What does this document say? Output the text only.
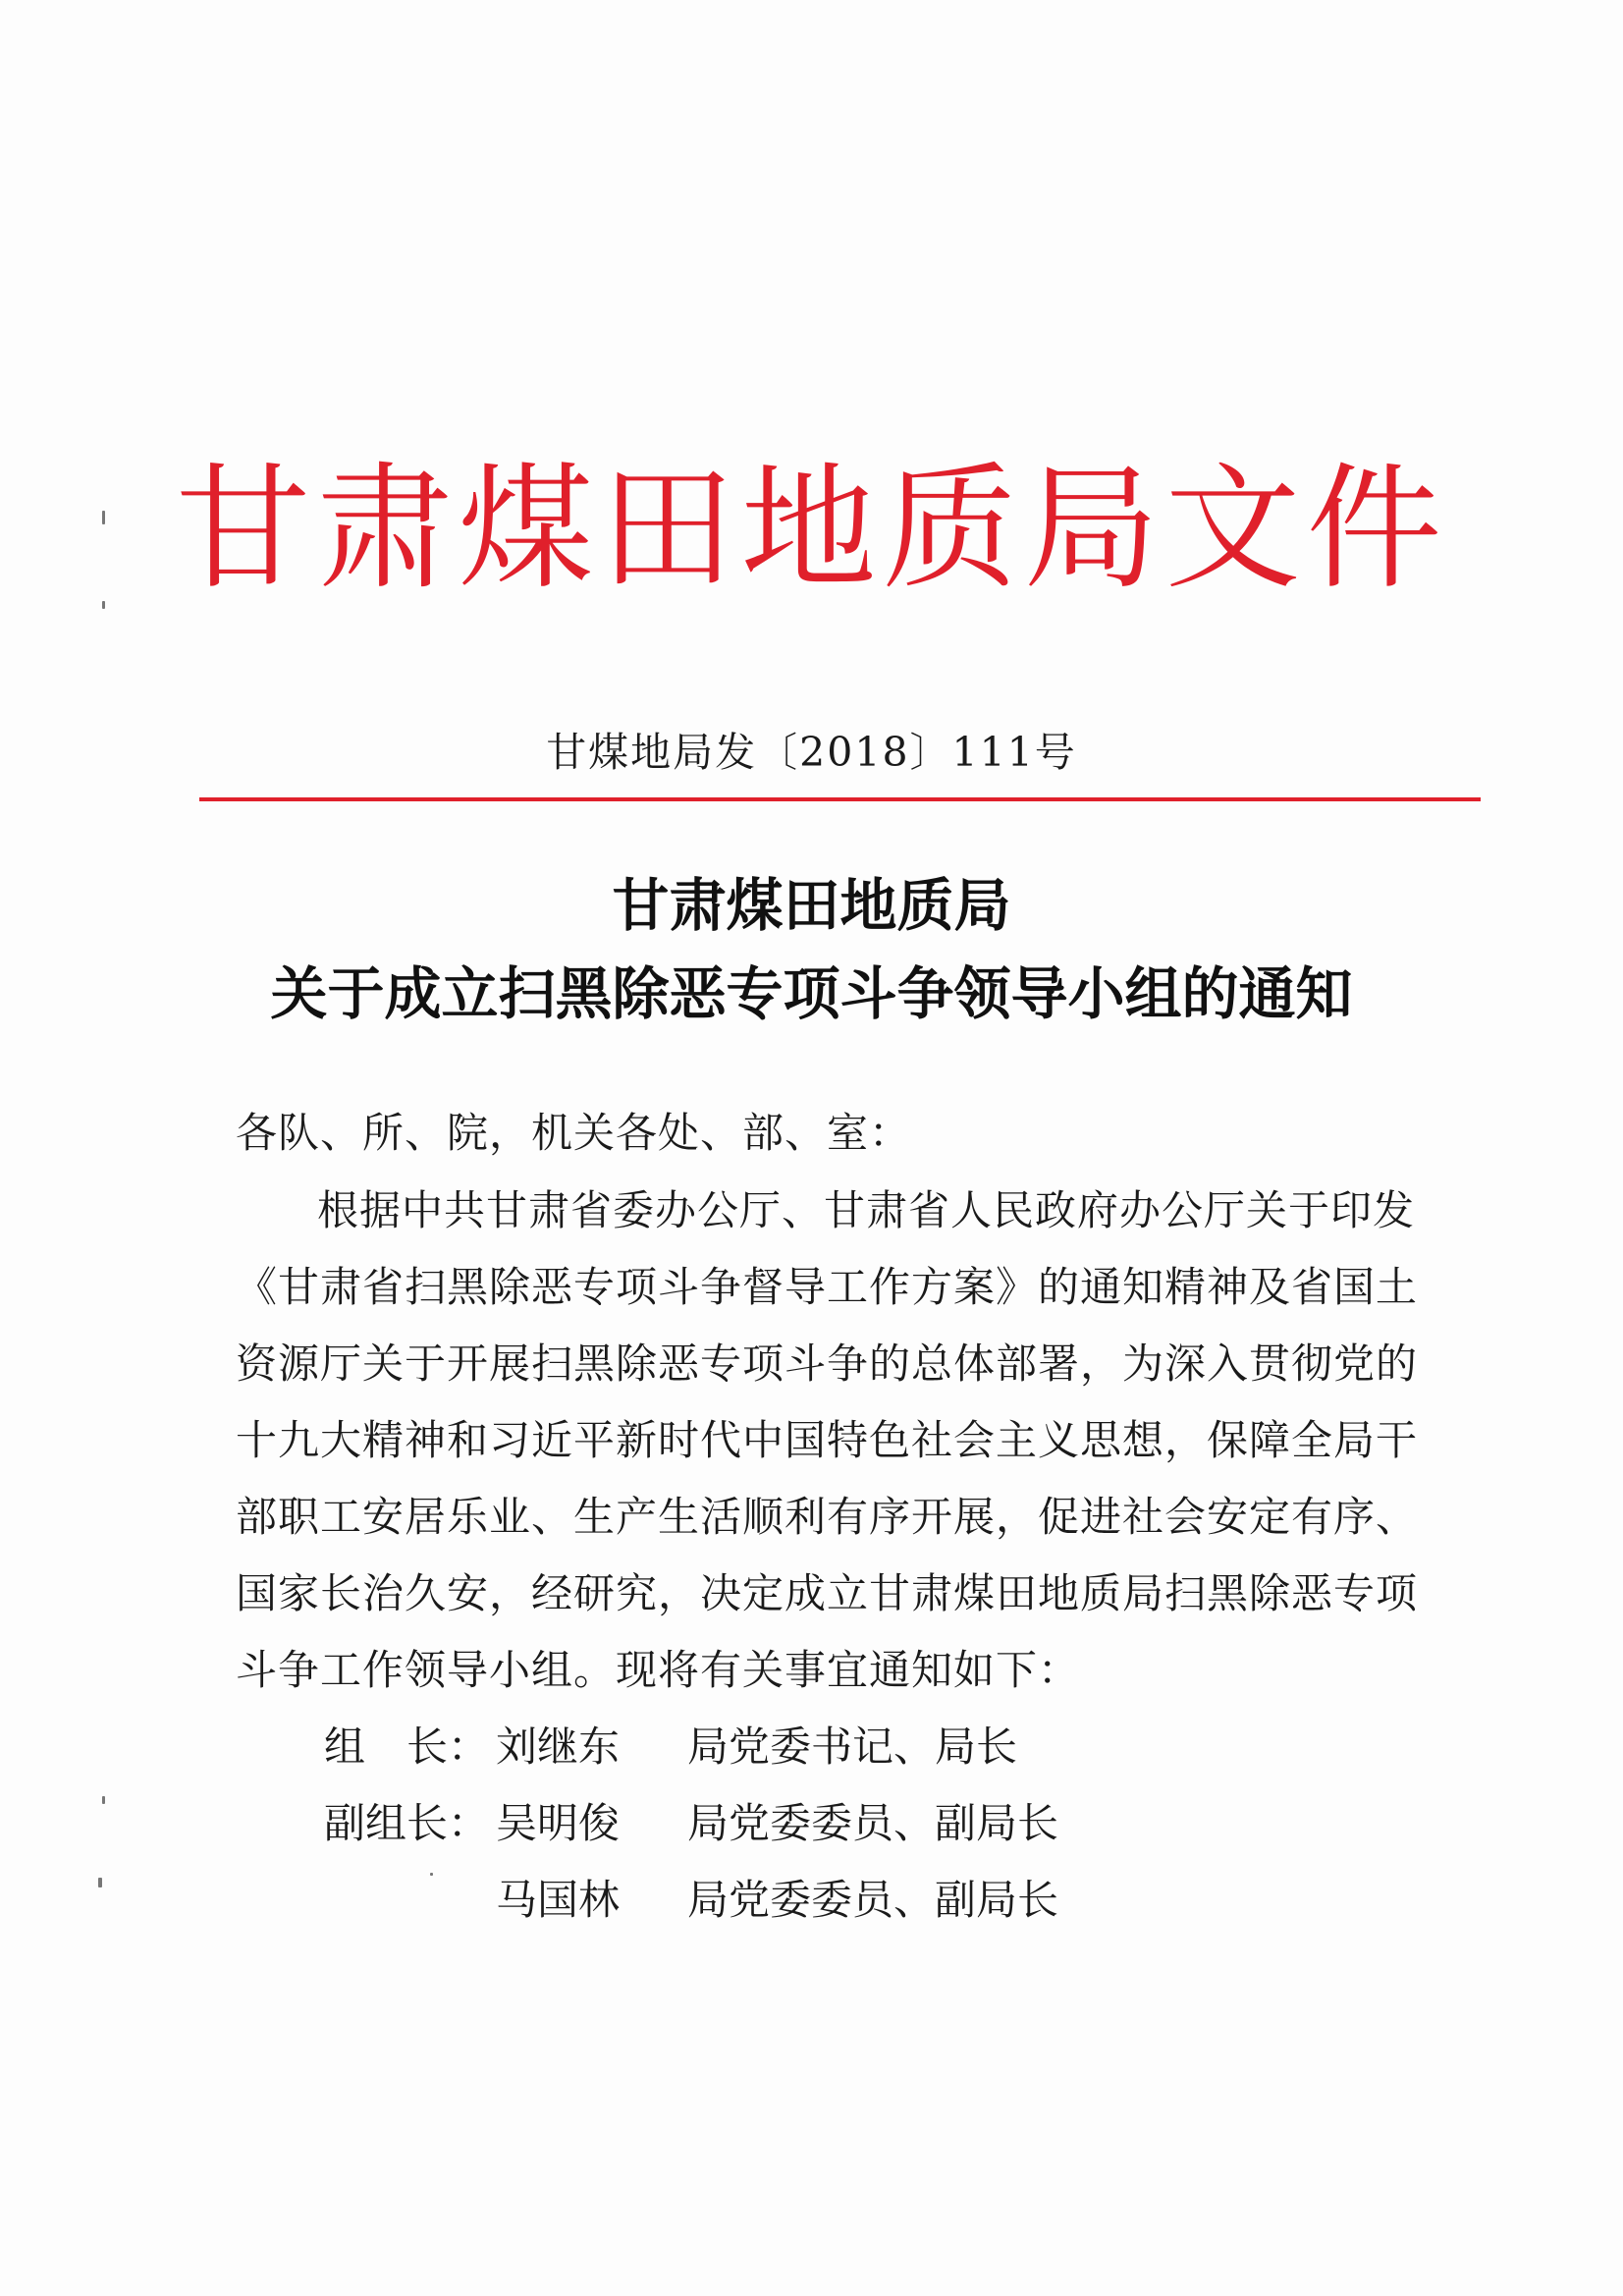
甘肃煤田地质局文件
甘煤地局发〔2018〕111号
甘肃煤田地质局
关于成立扫黑除恶专项斗争领导小组的通知
各队、所、院，机关各处、部、室：
根据中共甘肃省委办公厅、甘肃省人民政府办公厅关于印发
《甘肃省扫黑除恶专项斗争督导工作方案》的通知精神及省国土
资源厅关于开展扫黑除恶专项斗争的总体部署，为深入贯彻党的
十九大精神和习近平新时代中国特色社会主义思想，保障全局干
部职工安居乐业、生产生活顺利有序开展，促进社会安定有序、
国家长治久安，经研究，决定成立甘肃煤田地质局扫黑除恶专项
斗争工作领导小组。现将有关事宜通知如下：
组　长： 刘继东 局党委书记、局长
副组长： 吴明俊 局党委委员、副局长
马国林 局党委委员、副局长
